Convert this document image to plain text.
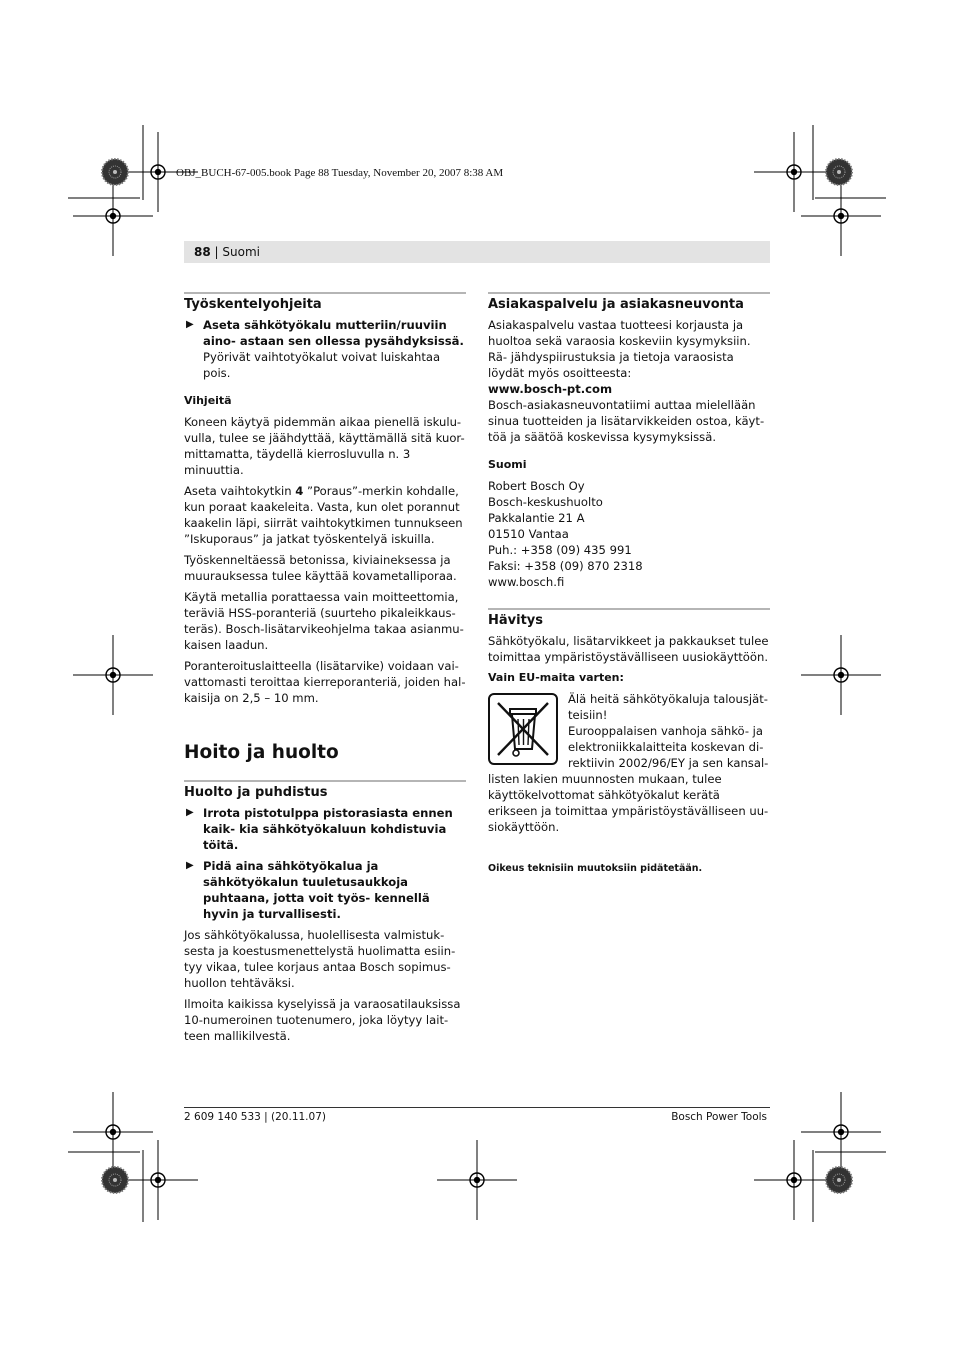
OBJ_BUCH-67-005.book Page 88 Tuesday, November 20, 2007 8:38 AM
88 | Suomi
Työskentelyohjeita
▶ Aseta sähkötyökalu mutteriin/ruuviin aino- astaan sen ollessa pysähdyksissä. Pyörivät vaihtotyökalut voivat luiskahtaa pois.
Vihjeitä

Koneen käytyä pidemmän aikaa pienellä iskulu- vulla, tulee se jäähdyttää, käyttämällä sitä kuor- mittamatta, täydellä kierrosluvulla n. 3 minuuttia.

Aseta vaihtokytkin 4 ”Poraus”-merkin kohdalle, kun poraat kaakeleita. Vasta, kun olet porannut kaakelin läpi, siirrät vaihtokytkimen tunnukseen ”Iskuporaus” ja jatkat työskentelyä iskuilla.

Työskenneltäessä betonissa, kiviaineksessa ja muurauksessa tulee käyttää kovametalliporaa.

Käytä metallia porattaessa vain moitteettomia, teräviä HSS-poranteriä (suurteho pikaleikkaus- teräs). Bosch-lisätarvikeohjelma takaa asianmu- kaisen laadun.

Poranteroituslaitteella (lisätarvike) voidaan vai- vattomasti teroittaa kierreporanteriä, joiden hal- kaisija on 2,5 – 10 mm.

Hoito ja huolto
Huolto ja puhdistus
▶ Irrota pistotulppa pistorasiasta ennen kaik- kia sähkötyökaluun kohdistuvia töitä.
▶ Pidä aina sähkötyökalua ja sähkötyökalun tuuletusaukkoja puhtaana, jotta voit työs- kennellä hyvin ja turvallisesti.

Jos sähkötyökalussa, huolellisesta valmistuk- sesta ja koestusmenettelystä huolimatta esiin- tyy vikaa, tulee korjaus antaa Bosch sopimus- huollon tehtäväksi.

Ilmoita kaikissa kyselyissä ja varaosatilauksissa 10-numeroinen tuotenumero, joka löytyy lait- teen mallikilvestä.

Asiakaspalvelu ja asiakasneuvonta

Asiakaspalvelu vastaa tuotteesi korjausta ja huoltoa sekä varaosia koskeviin kysymyksiin. Rä- jähdyspiirustuksia ja tietoja varaosista löydät myös osoitteesta:

www.bosch-pt.com

Bosch-asiakasneuvontatiimi auttaa mielellään sinua tuotteiden ja lisätarvikkeiden ostoa, käyt- töä ja säätöä koskevissa kysymyksissä.

Suomi
Robert Bosch Oy
Bosch-keskushuolto
Pakkalantie 21 A
01510 Vantaa
Puh.: +358 (09) 435 991
Faksi: +358 (09) 870 2318
www.bosch.fi
Hävitys

Sähkötyökalu, lisätarvikkeet ja pakkaukset tulee toimittaa ympäristöystävälliseen uusiokäyttöön.

Vain EU-maita varten:

Älä heitä sähkötyökaluja talousjät- teisiin!

Eurooppalaisen vanhoja sähkö- ja elektroniikkalaitteita koskevan di- rektiivin 2002/96/EY ja sen kansal- listen lakien muunnosten mukaan, tulee käyttökelvottomat sähkötyökalut kerätä erikseen ja toimittaa ympäristöystävälliseen uu- siokäyttöön.

Oikeus teknisiin muutoksiin pidätetään.
2 609 140 533 | (20.11.07)	Bosch Power Tools
